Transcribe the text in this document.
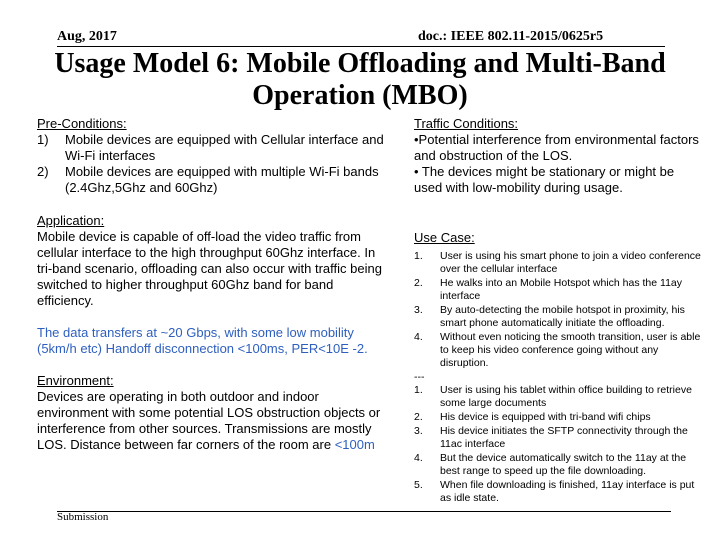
Aug, 2017	doc.: IEEE 802.11-2015/0625r5
Usage Model 6: Mobile Offloading and Multi-Band Operation (MBO)
Pre-Conditions:
1) Mobile devices are equipped with Cellular interface and Wi-Fi interfaces
2) Mobile devices are equipped with multiple Wi-Fi bands (2.4Ghz,5Ghz and 60Ghz)
Application:

Mobile device is capable of off-load the video traffic from cellular interface to the high throughput 60Ghz interface. In tri-band scenario, offloading can also occur with traffic being switched to higher throughput 60Ghz band for band efficiency.

The data transfers at ~20 Gbps, with some low mobility (5km/h etc) Handoff disconnection <100ms, PER<10E -2.

Environment:

Devices are operating in both outdoor and indoor environment with some potential LOS obstruction objects or interference from other sources. Transmissions are mostly LOS. Distance between far corners of the room are <100m

Traffic Conditions:
•Potential interference from environmental factors and obstruction of the LOS.
• The devices might be stationary or might be used with low-mobility during usage.
Use Case:
1. User is using his smart phone to join a video conference over the cellular interface
2. He walks into an Mobile Hotspot which has the 11ay interface
3. By auto-detecting the mobile hotspot in proximity, his smart phone automatically initiate the offloading.
4. Without even noticing the smooth transition, user is able to keep his video conference going without any disruption.
---
1. User is using his tablet within office building to retrieve some large documents
2. His device is equipped with tri-band wifi chips
3. His device initiates the SFTP connectivity through the 11ac interface
4. But the device automatically switch to the 11ay at the best range to speed up the file downloading.
5. When file downloading is finished, 11ay interface is put as idle state.
Submission
